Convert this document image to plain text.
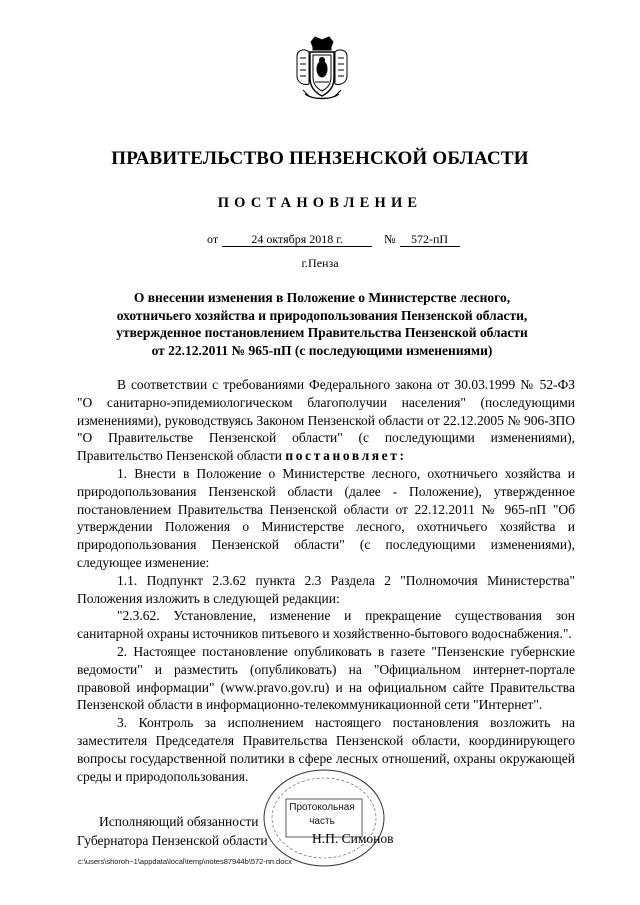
ПРАВИТЕЛЬСТВО ПЕНЗЕНСКОЙ ОБЛАСТИ
ПОСТАНОВЛЕНИЕ
от	24 октября 2018 г.	№ 572-пП
г.Пенза
О внесении изменения в Положение о Министерстве лесного,
охотничьего хозяйства и природопользования Пензенской области,
утвержденное постановлением Правительства Пензенской области
от 22.12.2011 № 965-пП (с последующими изменениями)

В соответствии с требованиями Федерального закона от 30.03.1999 № 52-ФЗ "О санитарно-эпидемиологическом благополучии населения" (последующими изменениями), руководствуясь Законом Пензенской области от 22.12.2005 № 906-ЗПО "О Правительстве Пензенской области" (с последующими изменениями), Правительство Пензенской области постановляет:

1. Внести в Положение о Министерстве лесного, охотничьего хозяйства и природопользования Пензенской области (далее - Положение), утвержденное постановлением Правительства Пензенской области от 22.12.2011 № 965-пП "Об утверждении Положения о Министерстве лесного, охотничьего хозяйства и природопользования Пензенской области" (с последующими изменениями), следующее изменение:

1.1. Подпункт 2.3.62 пункта 2.3 Раздела 2 "Полномочия Министерства" Положения изложить в следующей редакции:

"2.3.62. Установление, изменение и прекращение существования зон санитарной охраны источников питьевого и хозяйственно-бытового водоснабжения.".

2. Настоящее постановление опубликовать в газете "Пензенские губернские ведомости" и разместить (опубликовать) на "Официальном интернет-портале правовой информации" (www.pravo.gov.ru) и на официальном сайте Правительства Пензенской области в информационно-телекоммуникационной сети "Интернет".

3. Контроль за исполнением настоящего постановления возложить на заместителя Председателя Правительства Пензенской области, координирующего вопросы государственной политики в сфере лесных отношений, охраны окружающей среды и природопользования.

Протокольная
часть
Исполняющий обязанности
Губернатора Пензенской области	Н.П. Симонов
c:\users\shoroh~1\appdata\local\temp\notes87944b\572-пп.docx
